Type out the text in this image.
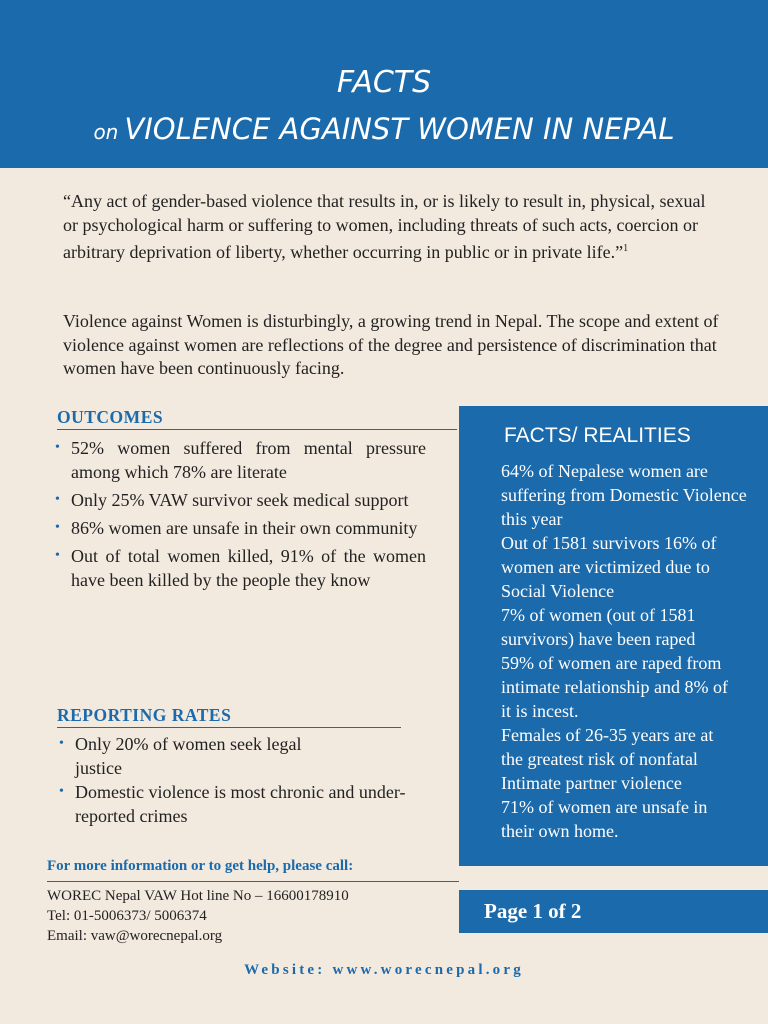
FACTS
on VIOLENCE AGAINST WOMEN IN NEPAL

“Any act of gender-based violence that results in, or is likely to result in, physical, sexual or psychological harm or suffering to women, including threats of such acts, coercion or arbitrary deprivation of liberty, whether occurring in public or in private life.”$^1$

Violence against Women is disturbingly, a growing trend in Nepal. The scope and extent of violence against women are reflections of the degree and persistence of discrimination that women have been continuously facing.

OUTCOMES
• 52% women suffered from mental pressure among which 78% are literate
• Only 25% VAW survivor seek medical support
• 86% women are unsafe in their own community
• Out of total women killed, 91% of the women have been killed by the people they know
REPORTING RATES
• Only 20% of women seek legal justice
• Domestic violence is most chronic and under-reported crimes
FACTS/ REALITIES
• 64% of Nepalese women are suffering from Domestic Violence this year
• Out of 1581 survivors 16% of women are victimized due to Social Violence
• 7% of women (out of 1581 survivors) have been raped
• 59% of women are raped from intimate relationship and 8% of it is incest.
• Females of 26-35 years are at the greatest risk of nonfatal Intimate partner violence
• 71% of women are unsafe in their own home.
For more information or to get help, please call:
WOREC Nepal VAW Hot line No – 16600178910
Tel: 01-5006373/ 5006374
Email: vaw@worecnepal.org
Page 1 of 2
Website: www.worecnepal.org
